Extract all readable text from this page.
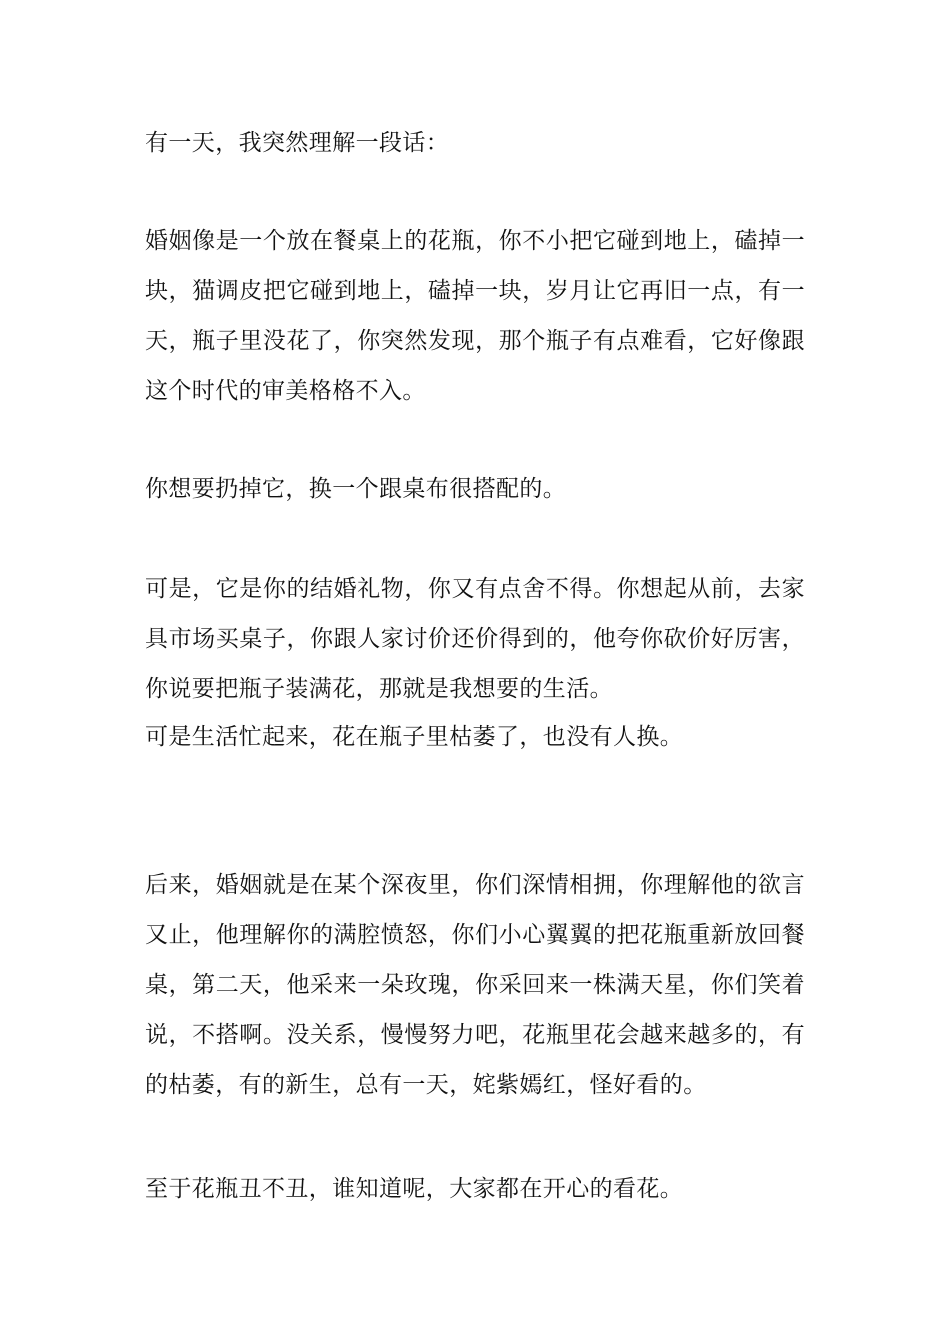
有一天，我突然理解一段话：

婚姻像是一个放在餐桌上的花瓶，你不小把它碰到地上，磕掉一块，猫调皮把它碰到地上，磕掉一块，岁月让它再旧一点，有一天，瓶子里没花了，你突然发现，那个瓶子有点难看，它好像跟这个时代的审美格格不入。

你想要扔掉它，换一个跟桌布很搭配的。

可是，它是你的结婚礼物，你又有点舍不得。你想起从前，去家具市场买桌子，你跟人家讨价还价得到的，他夸你砍价好厉害，你说要把瓶子装满花，那就是我想要的生活。

可是生活忙起来，花在瓶子里枯萎了，也没有人换。

后来，婚姻就是在某个深夜里，你们深情相拥，你理解他的欲言又止，他理解你的满腔愤怒，你们小心翼翼的把花瓶重新放回餐桌，第二天，他采来一朵玫瑰，你采回来一株满天星，你们笑着说，不搭啊。没关系，慢慢努力吧，花瓶里花会越来越多的，有的枯萎，有的新生，总有一天，姹紫嫣红，怪好看的。

至于花瓶丑不丑，谁知道呢，大家都在开心的看花。
